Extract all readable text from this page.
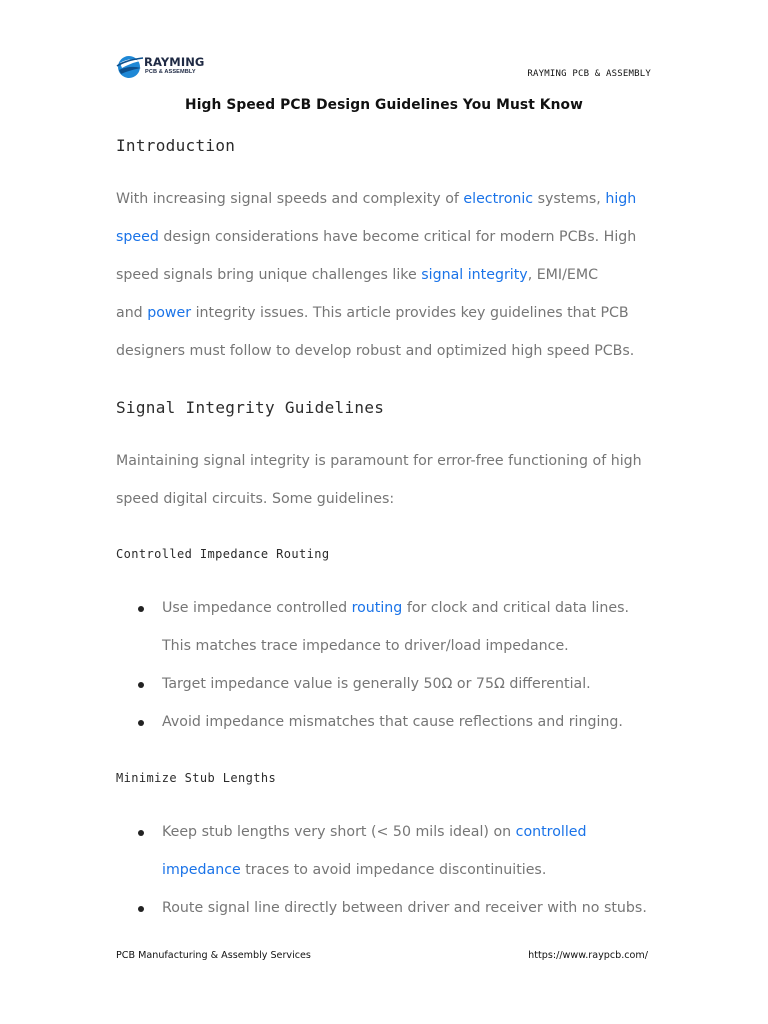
RAYMING
PCB & ASSEMBLY	RAYMING PCB & ASSEMBLY
High Speed PCB Design Guidelines You Must Know
Introduction
With increasing signal speeds and complexity of electronic systems, high
speed design considerations have become critical for modern PCBs. High
speed signals bring unique challenges like signal integrity, EMI/EMC
and power integrity issues. This article provides key guidelines that PCB
designers must follow to develop robust and optimized high speed PCBs.
Signal Integrity Guidelines
Maintaining signal integrity is paramount for error-free functioning of high
speed digital circuits. Some guidelines:
Controlled Impedance Routing
Use impedance controlled routing for clock and critical data lines.
This matches trace impedance to driver/load impedance.
Target impedance value is generally 50Ω or 75Ω differential.
Avoid impedance mismatches that cause reflections and ringing.
Minimize Stub Lengths
Keep stub lengths very short (< 50 mils ideal) on controlled
impedance traces to avoid impedance discontinuities.
Route signal line directly between driver and receiver with no stubs.
PCB Manufacturing & Assembly Services	https://www.raypcb.com/
